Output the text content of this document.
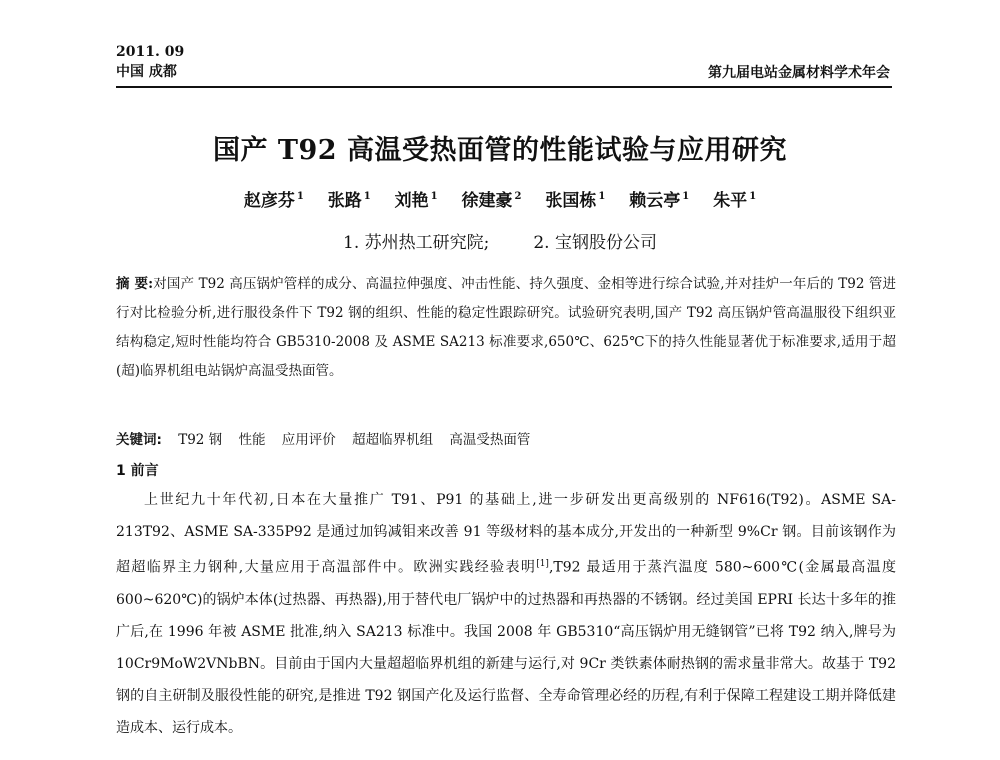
2011. 09
中国 成都	第九届电站金属材料学术年会
国产 T92 高温受热面管的性能试验与应用研究
赵彦芬 $^1$ 张路 $^1$ 刘艳 $^1$ 徐建豪 $^2$ 张国栋 $^1$ 赖云亭 $^1$ 朱平 $^1$
1. 苏州热工研究院;	2. 宝钢股份公司
摘 要:对国产 T92 高压锅炉管样的成分、高温拉伸强度、冲击性能、持久强度、金相等进行综合试验,并对挂炉一年后的 T92 管进行对比检验分析,进行服役条件下 T92 钢的组织、性能的稳定性跟踪研究。试验研究表明,国产 T92 高压锅炉管高温服役下组织亚结构稳定,短时性能均符合 GB5310-2008 及 ASME SA213 标准要求,650℃、625℃下的持久性能显著优于标准要求,适用于超(超)临界机组电站锅炉高温受热面管。
关键词: T92 钢 性能 应用评价 超超临界机组 高温受热面管
1 前言
上世纪九十年代初,日本在大量推广 T91、P91 的基础上,进一步研发出更高级别的 NF616(T92)。ASME SA-213T92、ASME SA-335P92 是通过加钨减钼来改善 91 等级材料的基本成分,开发出的一种新型 9%Cr 钢。目前该钢作为超超临界主力钢种,大量应用于高温部件中。欧洲实践经验表明[1],T92 最适用于蒸汽温度 580~600℃(金属最高温度 600~620℃)的锅炉本体(过热器、再热器),用于替代电厂锅炉中的过热器和再热器的不锈钢。经过美国 EPRI 长达十多年的推广后,在 1996 年被 ASME 批准,纳入 SA213 标准中。我国 2008 年 GB5310“高压锅炉用无缝钢管”已将 T92 纳入,牌号为 10Cr9MoW2VNbBN。目前由于国内大量超超临界机组的新建与运行,对 9Cr 类铁素体耐热钢的需求量非常大。故基于 T92 钢的自主研制及服役性能的研究,是推进 T92 钢国产化及运行监督、全寿命管理必经的历程,有利于保障工程建设工期并降低建造成本、运行成本。
